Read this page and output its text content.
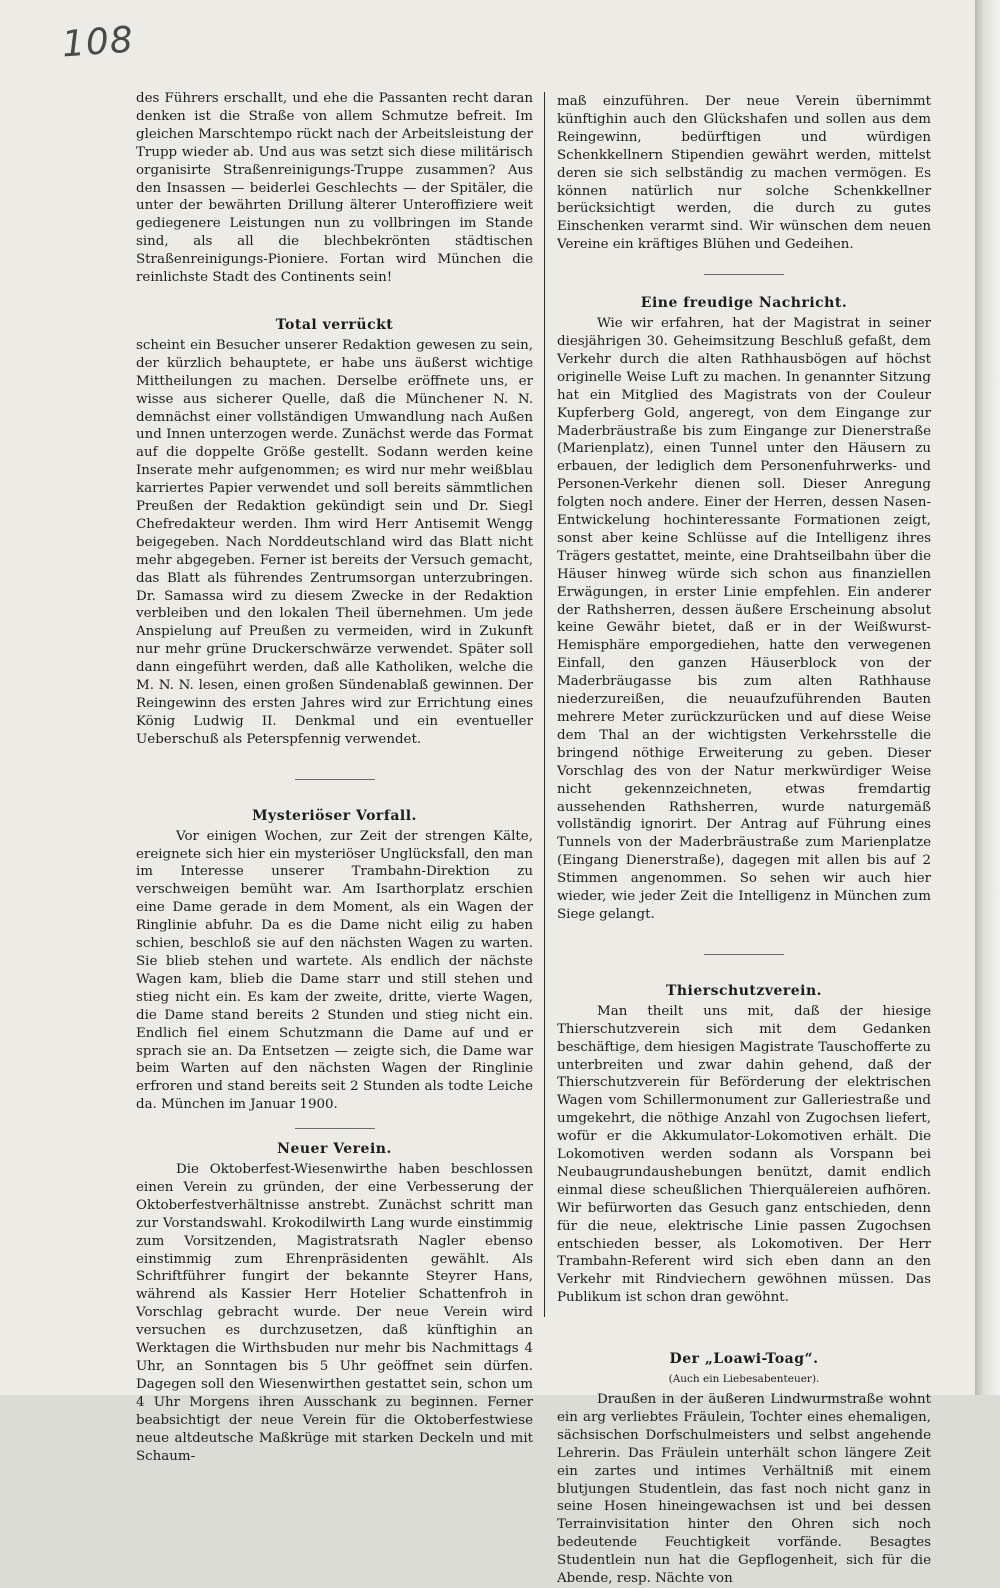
108

des Führers erschallt, und ehe die Passanten recht daran denken ist die Straße von allem Schmutze befreit. Im gleichen Marschtempo rückt nach der Arbeitsleistung der Trupp wieder ab. Und aus was setzt sich diese militärisch organisirte Straßenreinigungs-Truppe zusammen? Aus den Insassen — beiderlei Geschlechts — der Spitäler, die unter der bewährten Drillung älterer Unteroffiziere weit gediegenere Leistungen nun zu vollbringen im Stande sind, als all die blechbekrönten städtischen Straßenreinigungs-Pioniere. Fortan wird München die reinlichste Stadt des Continents sein!

Total verrückt

scheint ein Besucher unserer Redaktion gewesen zu sein, der kürzlich behauptete, er habe uns äußerst wichtige Mittheilungen zu machen. Derselbe eröffnete uns, er wisse aus sicherer Quelle, daß die Münchener N. N. demnächst einer vollständigen Umwandlung nach Außen und Innen unterzogen werde. Zunächst werde das Format auf die doppelte Größe gestellt. Sodann werden keine Inserate mehr aufgenommen; es wird nur mehr weißblau karriertes Papier verwendet und soll bereits sämmtlichen Preußen der Redaktion gekündigt sein und Dr. Siegl Chefredakteur werden. Ihm wird Herr Antisemit Wengg beigegeben. Nach Norddeutschland wird das Blatt nicht mehr abgegeben. Ferner ist bereits der Versuch gemacht, das Blatt als führendes Zentrumsorgan unterzubringen. Dr. Samassa wird zu diesem Zwecke in der Redaktion verbleiben und den lokalen Theil übernehmen. Um jede Anspielung auf Preußen zu vermeiden, wird in Zukunft nur mehr grüne Druckerschwärze verwendet. Später soll dann eingeführt werden, daß alle Katholiken, welche die M. N. N. lesen, einen großen Sündenablaß gewinnen. Der Reingewinn des ersten Jahres wird zur Errichtung eines König Ludwig II. Denkmal und ein eventueller Ueberschuß als Peterspfennig verwendet.

Mysteriöser Vorfall.

Vor einigen Wochen, zur Zeit der strengen Kälte, ereignete sich hier ein mysteriöser Unglücksfall, den man im Interesse unserer Trambahn-Direktion zu verschweigen bemüht war. Am Isarthorplatz erschien eine Dame gerade in dem Moment, als ein Wagen der Ringlinie abfuhr. Da es die Dame nicht eilig zu haben schien, beschloß sie auf den nächsten Wagen zu warten. Sie blieb stehen und wartete. Als endlich der nächste Wagen kam, blieb die Dame starr und still stehen und stieg nicht ein. Es kam der zweite, dritte, vierte Wagen, die Dame stand bereits 2 Stunden und stieg nicht ein. Endlich fiel einem Schutzmann die Dame auf und er sprach sie an. Da Entsetzen — zeigte sich, die Dame war beim Warten auf den nächsten Wagen der Ringlinie erfroren und stand bereits seit 2 Stunden als todte Leiche da. München im Januar 1900.

Neuer Verein.

Die Oktoberfest-Wiesenwirthe haben beschlossen einen Verein zu gründen, der eine Verbesserung der Oktoberfestverhältnisse anstrebt. Zunächst schritt man zur Vorstandswahl. Krokodilwirth Lang wurde einstimmig zum Vorsitzenden, Magistratsrath Nagler ebenso einstimmig zum Ehrenpräsidenten gewählt. Als Schriftführer fungirt der bekannte Steyrer Hans, während als Kassier Herr Hotelier Schattenfroh in Vorschlag gebracht wurde. Der neue Verein wird versuchen es durchzusetzen, daß künftighin an Werktagen die Wirthsbuden nur mehr bis Nachmittags 4 Uhr, an Sonntagen bis 5 Uhr geöffnet sein dürfen. Dagegen soll den Wiesenwirthen gestattet sein, schon um 4 Uhr Morgens ihren Ausschank zu beginnen. Ferner beabsichtigt der neue Verein für die Oktoberfestwiese neue altdeutsche Maßkrüge mit starken Deckeln und mit Schaum-

maß einzuführen. Der neue Verein übernimmt künftighin auch den Glückshafen und sollen aus dem Reingewinn, bedürftigen und würdigen Schenkkellnern Stipendien gewährt werden, mittelst deren sie sich selbständig zu machen vermögen. Es können natürlich nur solche Schenkkellner berücksichtigt werden, die durch zu gutes Einschenken verarmt sind. Wir wünschen dem neuen Vereine ein kräftiges Blühen und Gedeihen.

Eine freudige Nachricht.

Wie wir erfahren, hat der Magistrat in seiner diesjährigen 30. Geheimsitzung Beschluß gefaßt, dem Verkehr durch die alten Rathhausbögen auf höchst originelle Weise Luft zu machen. In genannter Sitzung hat ein Mitglied des Magistrats von der Couleur Kupferberg Gold, angeregt, von dem Eingange zur Maderbräustraße bis zum Eingange zur Dienerstraße (Marienplatz), einen Tunnel unter den Häusern zu erbauen, der lediglich dem Personenfuhrwerks- und Personen-Verkehr dienen soll. Dieser Anregung folgten noch andere. Einer der Herren, dessen Nasen-Entwickelung hochinteressante Formationen zeigt, sonst aber keine Schlüsse auf die Intelligenz ihres Trägers gestattet, meinte, eine Drahtseilbahn über die Häuser hinweg würde sich schon aus finanziellen Erwägungen, in erster Linie empfehlen. Ein anderer der Rathsherren, dessen äußere Erscheinung absolut keine Gewähr bietet, daß er in der Weißwurst-Hemisphäre emporgediehen, hatte den verwegenen Einfall, den ganzen Häuserblock von der Maderbräugasse bis zum alten Rathhause niederzureißen, die neuaufzuführenden Bauten mehrere Meter zurückzurücken und auf diese Weise dem Thal an der wichtigsten Verkehrsstelle die bringend nöthige Erweiterung zu geben. Dieser Vorschlag des von der Natur merkwürdiger Weise nicht gekennzeichneten, etwas fremdartig aussehenden Rathsherren, wurde naturgemäß vollständig ignorirt. Der Antrag auf Führung eines Tunnels von der Maderbräustraße zum Marienplatze (Eingang Dienerstraße), dagegen mit allen bis auf 2 Stimmen angenommen. So sehen wir auch hier wieder, wie jeder Zeit die Intelligenz in München zum Siege gelangt.

Thierschutzverein.

Man theilt uns mit, daß der hiesige Thierschutzverein sich mit dem Gedanken beschäftige, dem hiesigen Magistrate Tauschofferte zu unterbreiten und zwar dahin gehend, daß der Thierschutzverein für Beförderung der elektrischen Wagen vom Schillermonument zur Galleriestraße und umgekehrt, die nöthige Anzahl von Zugochsen liefert, wofür er die Akkumulator-Lokomotiven erhält. Die Lokomotiven werden sodann als Vorspann bei Neubaugrundaushebungen benützt, damit endlich einmal diese scheußlichen Thierquälereien aufhören. Wir befürworten das Gesuch ganz entschieden, denn für die neue, elektrische Linie passen Zugochsen entschieden besser, als Lokomotiven. Der Herr Trambahn-Referent wird sich eben dann an den Verkehr mit Rindviechern gewöhnen müssen. Das Publikum ist schon dran gewöhnt.

Der „Loawi-Toag“.
(Auch ein Liebesabenteuer).

Draußen in der äußeren Lindwurmstraße wohnt ein arg verliebtes Fräulein, Tochter eines ehemaligen, sächsischen Dorfschulmeisters und selbst angehende Lehrerin. Das Fräulein unterhält schon längere Zeit ein zartes und intimes Verhältniß mit einem blutjungen Studentlein, das fast noch nicht ganz in seine Hosen hineingewachsen ist und bei dessen Terrainvisitation hinter den Ohren sich noch bedeutende Feuchtigkeit vorfände. Besagtes Studentlein nun hat die Gepflogenheit, sich für die Abende, resp. Nächte von
